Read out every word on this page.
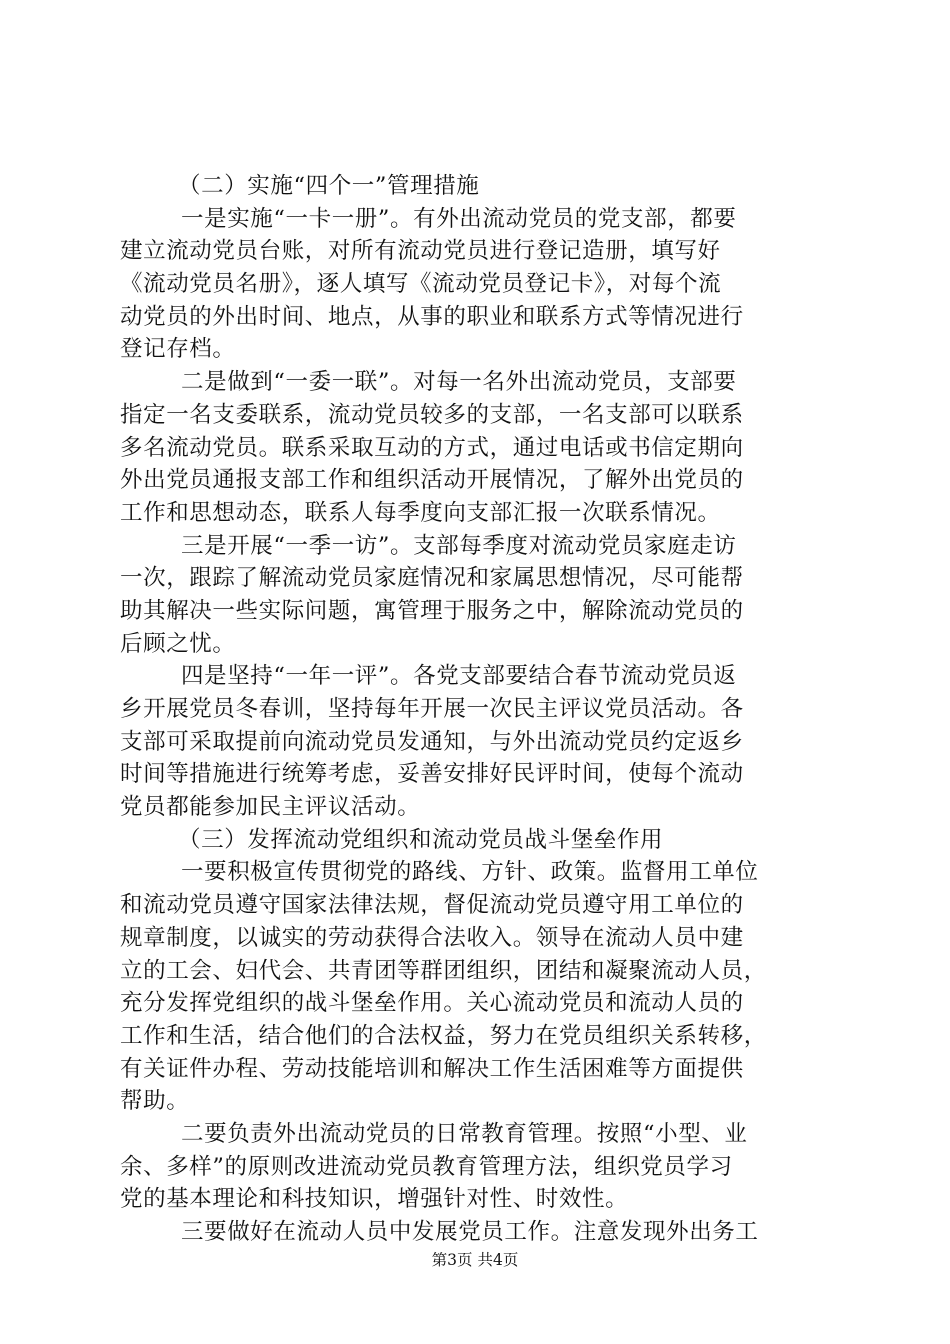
（二）实施“四个一”管理措施
一是实施“一卡一册”。有外出流动党员的党支部，都要
建立流动党员台账，对所有流动党员进行登记造册，填写好
《流动党员名册》，逐人填写《流动党员登记卡》，对每个流
动党员的外出时间、地点，从事的职业和联系方式等情况进行
登记存档。
二是做到“一委一联”。对每一名外出流动党员，支部要
指定一名支委联系，流动党员较多的支部，一名支部可以联系
多名流动党员。联系采取互动的方式，通过电话或书信定期向
外出党员通报支部工作和组织活动开展情况，了解外出党员的
工作和思想动态，联系人每季度向支部汇报一次联系情况。
三是开展“一季一访”。支部每季度对流动党员家庭走访
一次，跟踪了解流动党员家庭情况和家属思想情况，尽可能帮
助其解决一些实际问题，寓管理于服务之中，解除流动党员的
后顾之忧。
四是坚持“一年一评”。各党支部要结合春节流动党员返
乡开展党员冬春训，坚持每年开展一次民主评议党员活动。各
支部可采取提前向流动党员发通知，与外出流动党员约定返乡
时间等措施进行统筹考虑，妥善安排好民评时间，使每个流动
党员都能参加民主评议活动。
（三）发挥流动党组织和流动党员战斗堡垒作用
一要积极宣传贯彻党的路线、方针、政策。监督用工单位
和流动党员遵守国家法律法规，督促流动党员遵守用工单位的
规章制度，以诚实的劳动获得合法收入。领导在流动人员中建
立的工会、妇代会、共青团等群团组织，团结和凝聚流动人员，
充分发挥党组织的战斗堡垒作用。关心流动党员和流动人员的
工作和生活，结合他们的合法权益，努力在党员组织关系转移，
有关证件办程、劳动技能培训和解决工作生活困难等方面提供
帮助。
二要负责外出流动党员的日常教育管理。按照“小型、业
余、多样”的原则改进流动党员教育管理方法，组织党员学习
党的基本理论和科技知识，增强针对性、时效性。
三要做好在流动人员中发展党员工作。注意发现外出务工
第3页 共4页
